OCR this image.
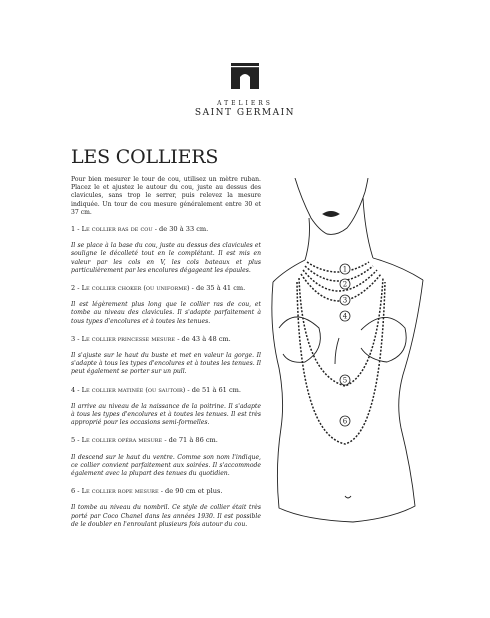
ATELIERS
SAINT GERMAIN
LES COLLIERS

Pour bien mesurer le tour de cou, utilisez un mètre ruban. Placez le et ajustez le autour du cou, juste au dessus des clavicules, sans trop le serrer, puis relevez la mesure indiquée. Un tour de cou mesure généralement entre 30 et 37 cm.

1 - Le collier ras de cou - de 30 à 33 cm.

Il se place à la base du cou, juste au dessus des clavicules et souligne le décolleté tout en le complétant. Il est mis en valeur par les cols en V, les cols bateaux et plus particulièrement par les encolures dégageant les épaules.

2 - Le collier choker (ou uniforme) - de 35 à 41 cm.

Il est légèrement plus long que le collier ras de cou, et tombe au niveau des clavicules. Il s'adapte parfaitement à tous types d'encolures et à toutes les tenues.

3 - Le collier princesse mesure - de 43 à 48 cm.

Il s'ajuste sur le haut du buste et met en valeur la gorge. Il s'adapte à tous les types d'encolures et à toutes les tenues. Il peut également se porter sur un pull.

4 - Le collier matinée (ou sautoir) - de 51 à 61 cm.

Il arrive au niveau de la naissance de la poitrine. Il s'adapte à tous les types d'encolures et à toutes les tenues. Il est très approprié pour les occasions semi-formelles.

5 - Le collier opéra mesure - de 71 à 86 cm.

Il descend sur le haut du ventre. Comme son nom l'indique, ce collier convient parfaitement aux soirées. Il s'accommode également avec la plupart des tenues du quotidien.

6 - Le collier rope mesure - de 90 cm et plus.

Il tombe au niveau du nombril. Ce style de collier était très porté par Coco Chanel dans les années 1930. Il est possible de le doubler en l'enroulant plusieurs fois autour du cou.

1
2
3
4
5
6
